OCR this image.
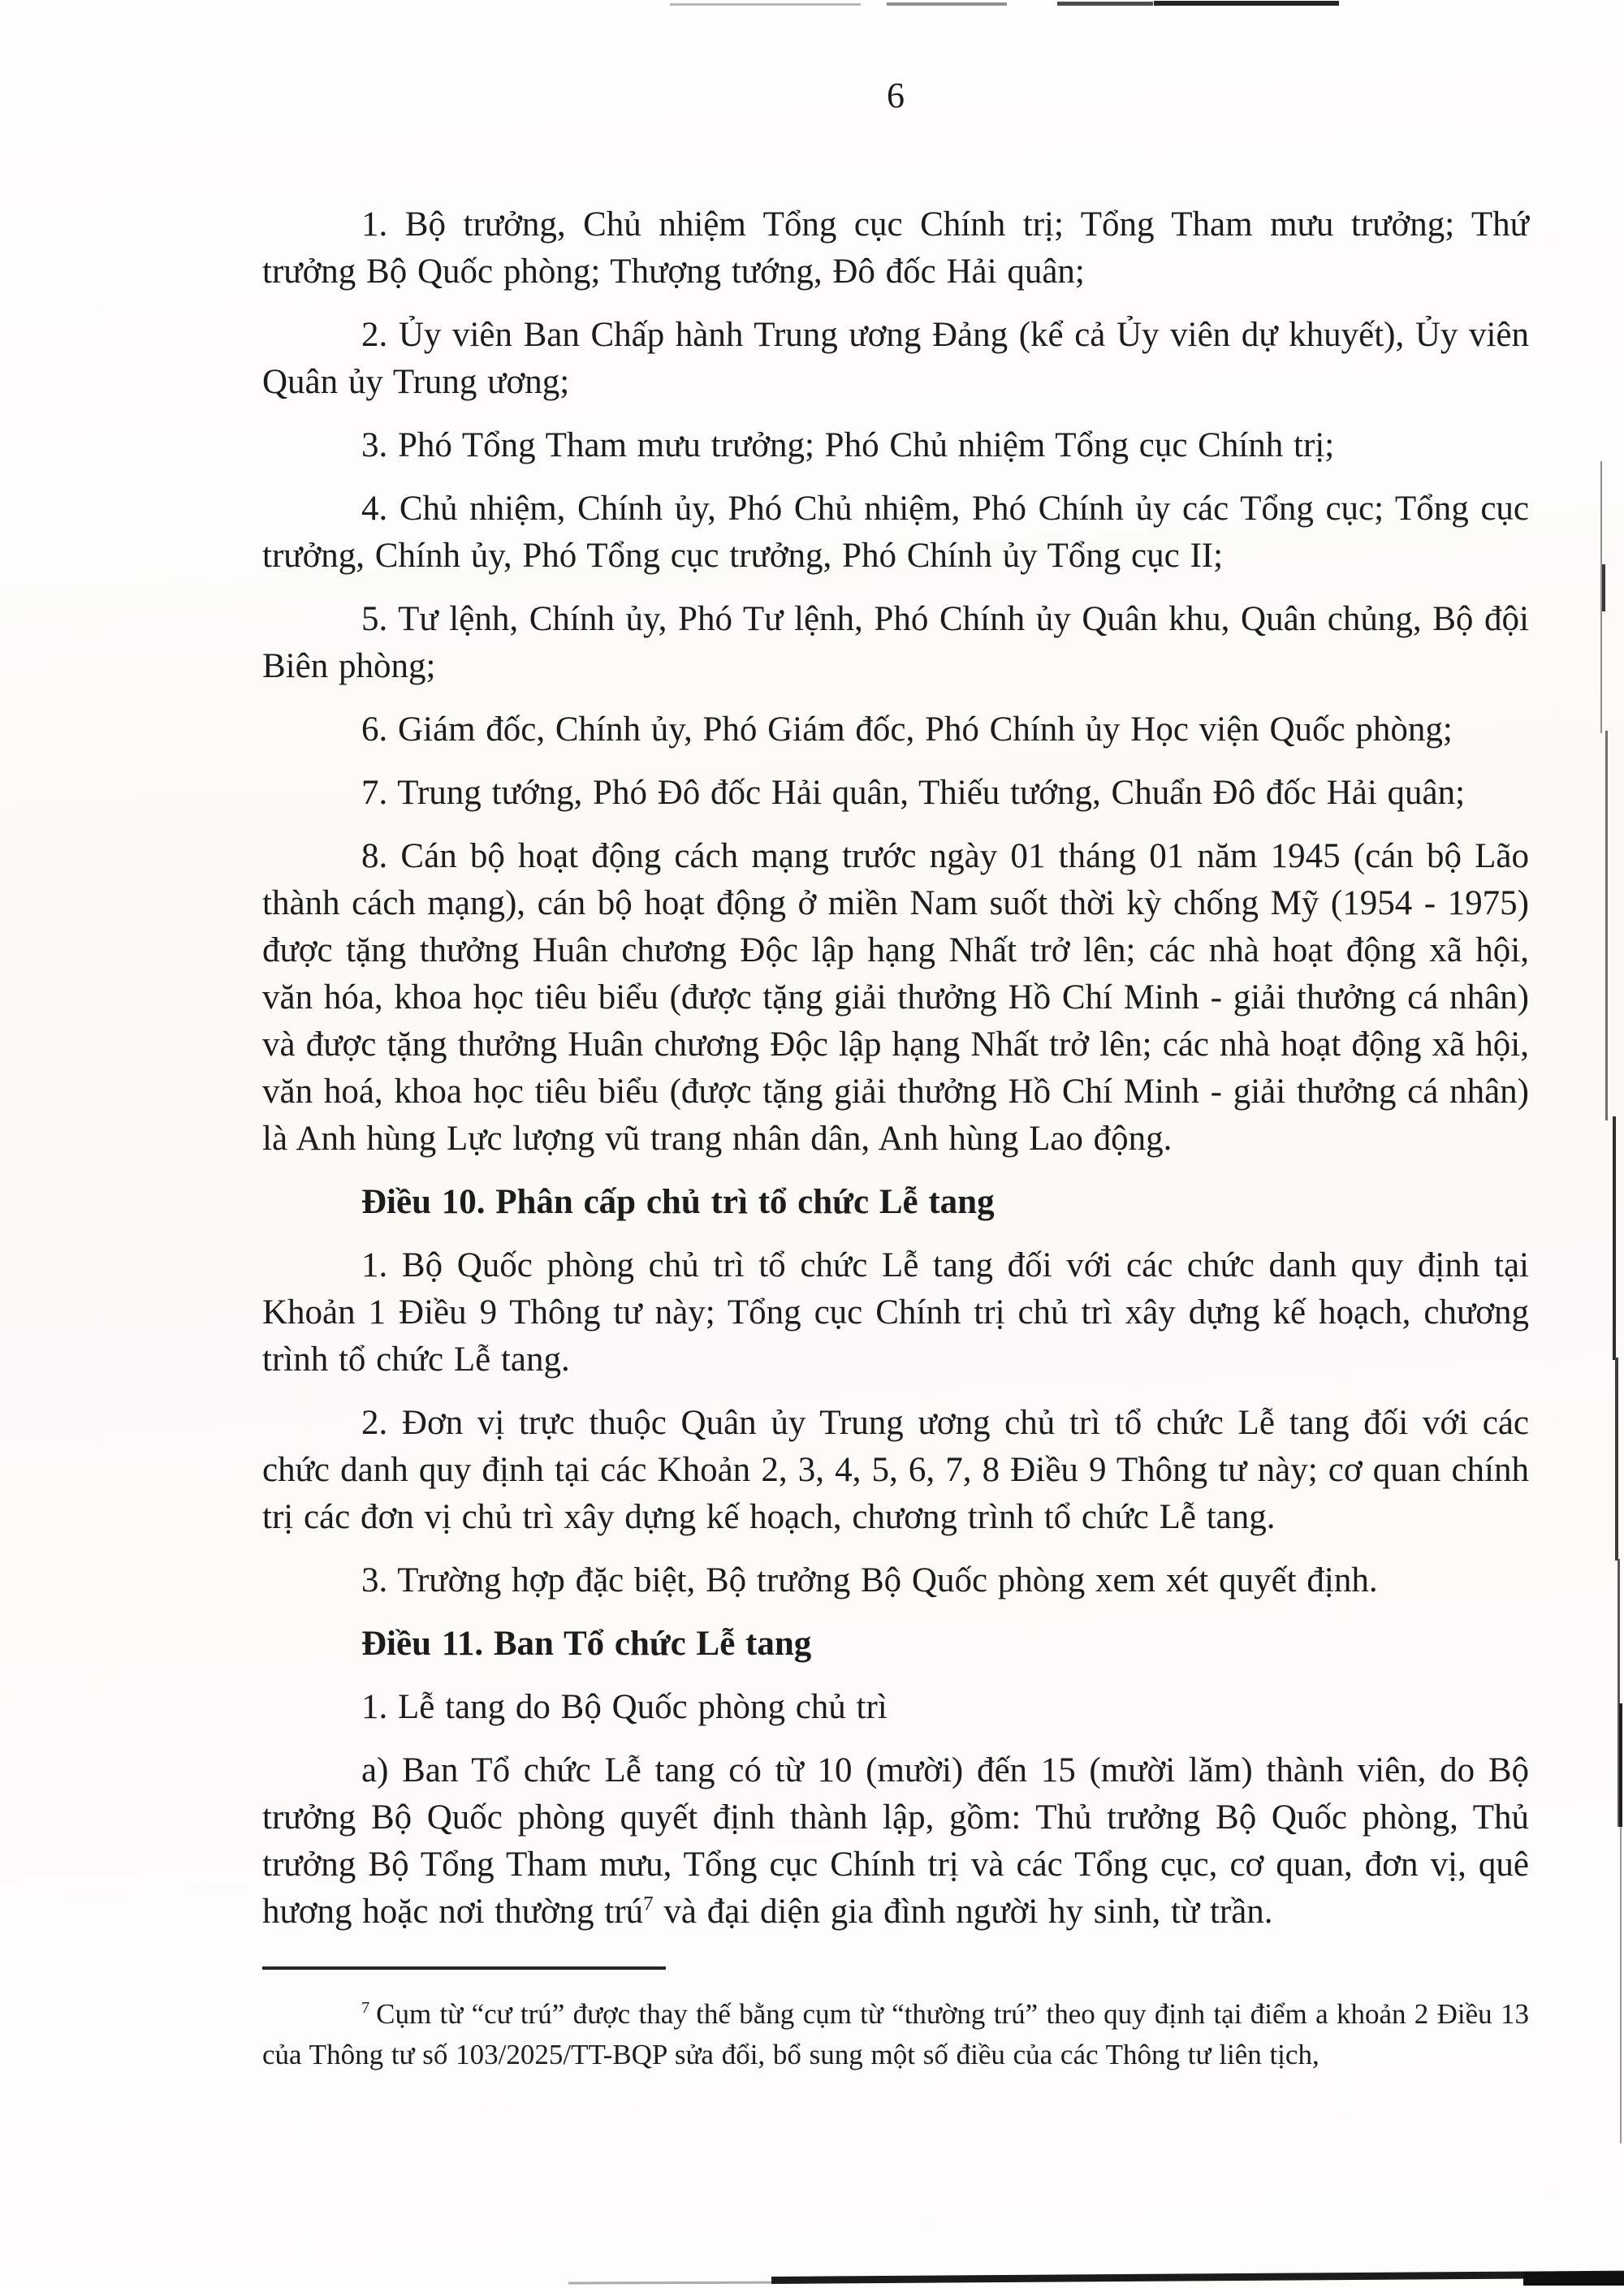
6

1. Bộ trưởng, Chủ nhiệm Tổng cục Chính trị; Tổng Tham mưu trưởng; Thứ trưởng Bộ Quốc phòng; Thượng tướng, Đô đốc Hải quân;

2. Ủy viên Ban Chấp hành Trung ương Đảng (kể cả Ủy viên dự khuyết), Ủy viên Quân ủy Trung ương;

3. Phó Tổng Tham mưu trưởng; Phó Chủ nhiệm Tổng cục Chính trị;

4. Chủ nhiệm, Chính ủy, Phó Chủ nhiệm, Phó Chính ủy các Tổng cục; Tổng cục trưởng, Chính ủy, Phó Tổng cục trưởng, Phó Chính ủy Tổng cục II;

5. Tư lệnh, Chính ủy, Phó Tư lệnh, Phó Chính ủy Quân khu, Quân chủng, Bộ đội Biên phòng;

6. Giám đốc, Chính ủy, Phó Giám đốc, Phó Chính ủy Học viện Quốc phòng;

7. Trung tướng, Phó Đô đốc Hải quân, Thiếu tướng, Chuẩn Đô đốc Hải quân;

8. Cán bộ hoạt động cách mạng trước ngày 01 tháng 01 năm 1945 (cán bộ Lão thành cách mạng), cán bộ hoạt động ở miền Nam suốt thời kỳ chống Mỹ (1954 - 1975) được tặng thưởng Huân chương Độc lập hạng Nhất trở lên; các nhà hoạt động xã hội, văn hóa, khoa học tiêu biểu (được tặng giải thưởng Hồ Chí Minh - giải thưởng cá nhân) và được tặng thưởng Huân chương Độc lập hạng Nhất trở lên; các nhà hoạt động xã hội, văn hoá, khoa học tiêu biểu (được tặng giải thưởng Hồ Chí Minh - giải thưởng cá nhân) là Anh hùng Lực lượng vũ trang nhân dân, Anh hùng Lao động.

Điều 10. Phân cấp chủ trì tổ chức Lễ tang

1. Bộ Quốc phòng chủ trì tổ chức Lễ tang đối với các chức danh quy định tại Khoản 1 Điều 9 Thông tư này; Tổng cục Chính trị chủ trì xây dựng kế hoạch, chương trình tổ chức Lễ tang.

2. Đơn vị trực thuộc Quân ủy Trung ương chủ trì tổ chức Lễ tang đối với các chức danh quy định tại các Khoản 2, 3, 4, 5, 6, 7, 8 Điều 9 Thông tư này; cơ quan chính trị các đơn vị chủ trì xây dựng kế hoạch, chương trình tổ chức Lễ tang.

3. Trường hợp đặc biệt, Bộ trưởng Bộ Quốc phòng xem xét quyết định.

Điều 11. Ban Tổ chức Lễ tang

1. Lễ tang do Bộ Quốc phòng chủ trì

a) Ban Tổ chức Lễ tang có từ 10 (mười) đến 15 (mười lăm) thành viên, do Bộ trưởng Bộ Quốc phòng quyết định thành lập, gồm: Thủ trưởng Bộ Quốc phòng, Thủ trưởng Bộ Tổng Tham mưu, Tổng cục Chính trị và các Tổng cục, cơ quan, đơn vị, quê hương hoặc nơi thường trú$^7$ và đại diện gia đình người hy sinh, từ trần.

$^7$ Cụm từ “cư trú” được thay thế bằng cụm từ “thường trú” theo quy định tại điểm a khoản 2 Điều 13 của Thông tư số 103/2025/TT-BQP sửa đổi, bổ sung một số điều của các Thông tư liên tịch,
